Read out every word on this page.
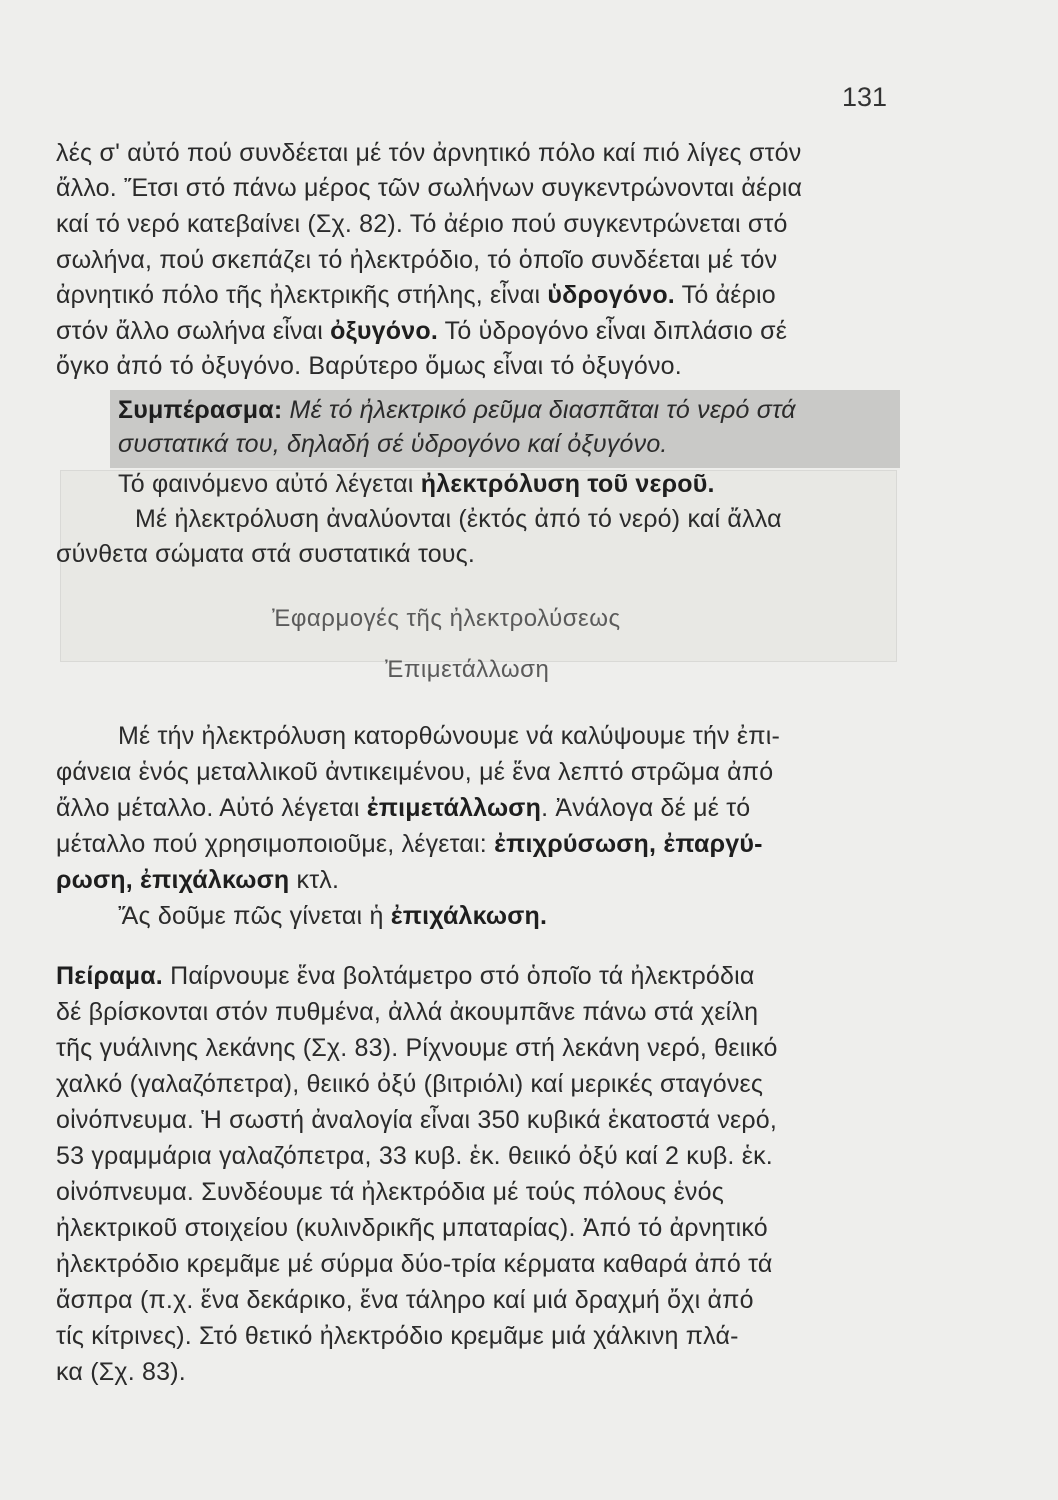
131
λές σ' αὐτό πού συνδέεται μέ τόν ἀρνητικό πόλο καί πιό λίγες στόν
ἄλλο. Ἔτσι στό πάνω μέρος τῶν σωλήνων συγκεντρώνονται ἀέρια
καί τό νερό κατεβαίνει (Σχ. 82). Τό ἀέριο πού συγκεντρώνεται στό
σωλήνα, πού σκεπάζει τό ἠλεκτρόδιο, τό ὁποῖο συνδέεται μέ τόν
ἀρνητικό πόλο τῆς ἠλεκτρικῆς στήλης, εἶναι ὑδρογόνο. Τό ἀέριο
στόν ἄλλο σωλήνα εἶναι ὀξυγόνο. Τό ὑδρογόνο εἶναι διπλάσιο σέ
ὄγκο ἀπό τό ὀξυγόνο. Βαρύτερο ὅμως εἶναι τό ὀξυγόνο.
Συμπέρασμα: Μέ τό ἠλεκτρικό ρεῦμα διασπᾶται τό νερό στά
συστατικά του, δηλαδή σέ ὑδρογόνο καί ὀξυγόνο.
Τό φαινόμενο αὐτό λέγεται ἠλεκτρόλυση τοῦ νεροῦ.
Μέ ἠλεκτρόλυση ἀναλύονται (ἐκτός ἀπό τό νερό) καί ἄλλα
σύνθετα σώματα στά συστατικά τους.
Ἐφαρμογές τῆς ἠλεκτρολύσεως
Ἐπιμετάλλωση
Μέ τήν ἠλεκτρόλυση κατορθώνουμε νά καλύψουμε τήν ἐπι-
φάνεια ἑνός μεταλλικοῦ ἀντικειμένου, μέ ἕνα λεπτό στρῶμα ἀπό
ἄλλο μέταλλο. Αὐτό λέγεται ἐπιμετάλλωση. Ἀνάλογα δέ μέ τό
μέταλλο πού χρησιμοποιοῦμε, λέγεται: ἐπιχρύσωση, ἐπαργύ-
ρωση, ἐπιχάλκωση κτλ.
Ἄς δοῦμε πῶς γίνεται ἡ ἐπιχάλκωση.
Πείραμα. Παίρνουμε ἕνα βολτάμετρο στό ὁποῖο τά ἠλεκτρόδια
δέ βρίσκονται στόν πυθμένα, ἀλλά ἀκουμπᾶνε πάνω στά χείλη
τῆς γυάλινης λεκάνης (Σχ. 83). Ρίχνουμε στή λεκάνη νερό, θειικό
χαλκό (γαλαζόπετρα), θειικό ὀξύ (βιτριόλι) καί μερικές σταγόνες
οἰνόπνευμα. Ἡ σωστή ἀναλογία εἶναι 350 κυβικά ἑκατοστά νερό,
53 γραμμάρια γαλαζόπετρα, 33 κυβ. ἑκ. θειικό ὀξύ καί 2 κυβ. ἑκ.
οἰνόπνευμα. Συνδέουμε τά ἠλεκτρόδια μέ τούς πόλους ἑνός
ἠλεκτρικοῦ στοιχείου (κυλινδρικῆς μπαταρίας). Ἀπό τό ἀρνητικό
ἠλεκτρόδιο κρεμᾶμε μέ σύρμα δύο-τρία κέρματα καθαρά ἀπό τά
ἄσπρα (π.χ. ἕνα δεκάρικο, ἕνα τάληρο καί μιά δραχμή ὄχι ἀπό
τίς κίτρινες). Στό θετικό ἠλεκτρόδιο κρεμᾶμε μιά χάλκινη πλά-
κα (Σχ. 83).
